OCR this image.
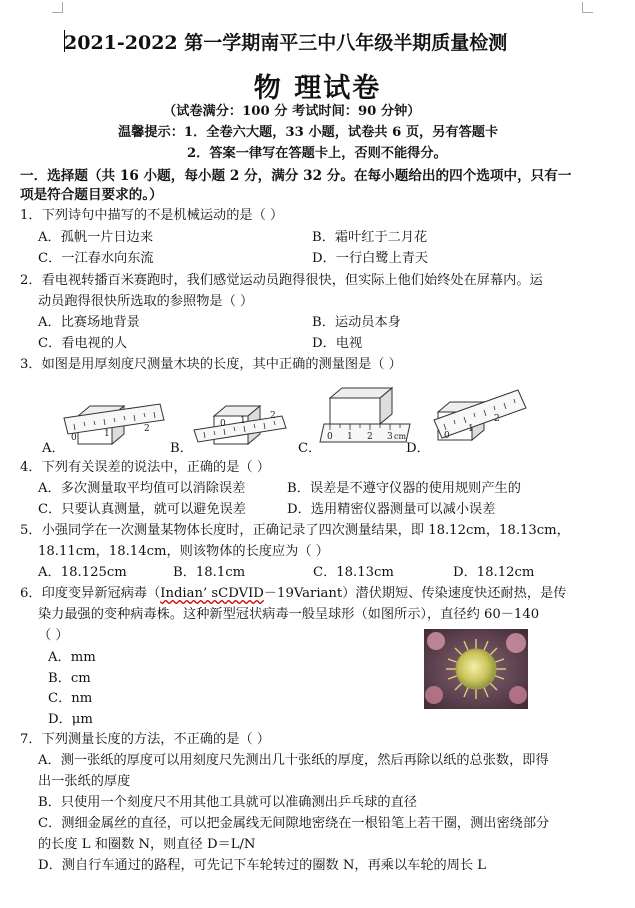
2021-2022 第一学期南平三中八年级半期质量检测
物 理试卷
（试卷满分：100 分 考试时间：90 分钟）
温馨提示：1．全卷六大题，33 小题，试卷共 6 页，另有答题卡
2．答案一律写在答题卡上，否则不能得分。
一．选择题（共 16 小题，每小题 2 分，满分 32 分。在每小题给出的四个选项中，只有一
项是符合题目要求的。）
1．下列诗句中描写的不是机械运动的是（ ）
A．孤帆一片日边来	B．霜叶红于二月花
C．一江春水向东流	D．一行白鹭上青天
2．看电视转播百米赛跑时，我们感觉运动员跑得很快，但实际上他们始终处在屏幕内。运
动员跑得很快所选取的参照物是（ ）
A．比赛场地背景	B．运动员本身
C．看电视的人	D．电视
3．如图是用厚刻度尺测量木块的长度，其中正确的测量图是（ ）
0	1	2
A．
0 1	2
B．
0 1 2 3 cm
C．
0
1
2
D．
4．下列有关误差的说法中，正确的是（ ）
A．多次测量取平均值可以消除误差	B．误差是不遵守仪器的使用规则产生的
C．只要认真测量，就可以避免误差	D．选用精密仪器测量可以减小误差
5．小强同学在一次测量某物体长度时，正确记录了四次测量结果，即 18.12cm，18.13cm，
18.11cm，18.14cm，则该物体的长度应为（ ）
A．18.125cm	B．18.1cm	C．18.13cm	D．18.12cm
6．印度变异新冠病毒（Indian’ sCDVID－19Variant）潜伏期短、传染速度快还耐热，是传
染力最强的变种病毒株。这种新型冠状病毒一般呈球形（如图所示），直径约 60－140
（ ）
A．mm
B．cm
C．nm
D．μm
7．下列测量长度的方法，不正确的是（ ）
A．测一张纸的厚度可以用刻度尺先测出几十张纸的厚度，然后再除以纸的总张数，即得
出一张纸的厚度
B．只使用一个刻度尺不用其他工具就可以准确测出乒乓球的直径
C．测细金属丝的直径，可以把金属线无间隙地密绕在一根铅笔上若干圈，测出密绕部分
的长度 L 和圈数 N，则直径 D＝L/N
D．测自行车通过的路程，可先记下车轮转过的圈数 N，再乘以车轮的周长 L
